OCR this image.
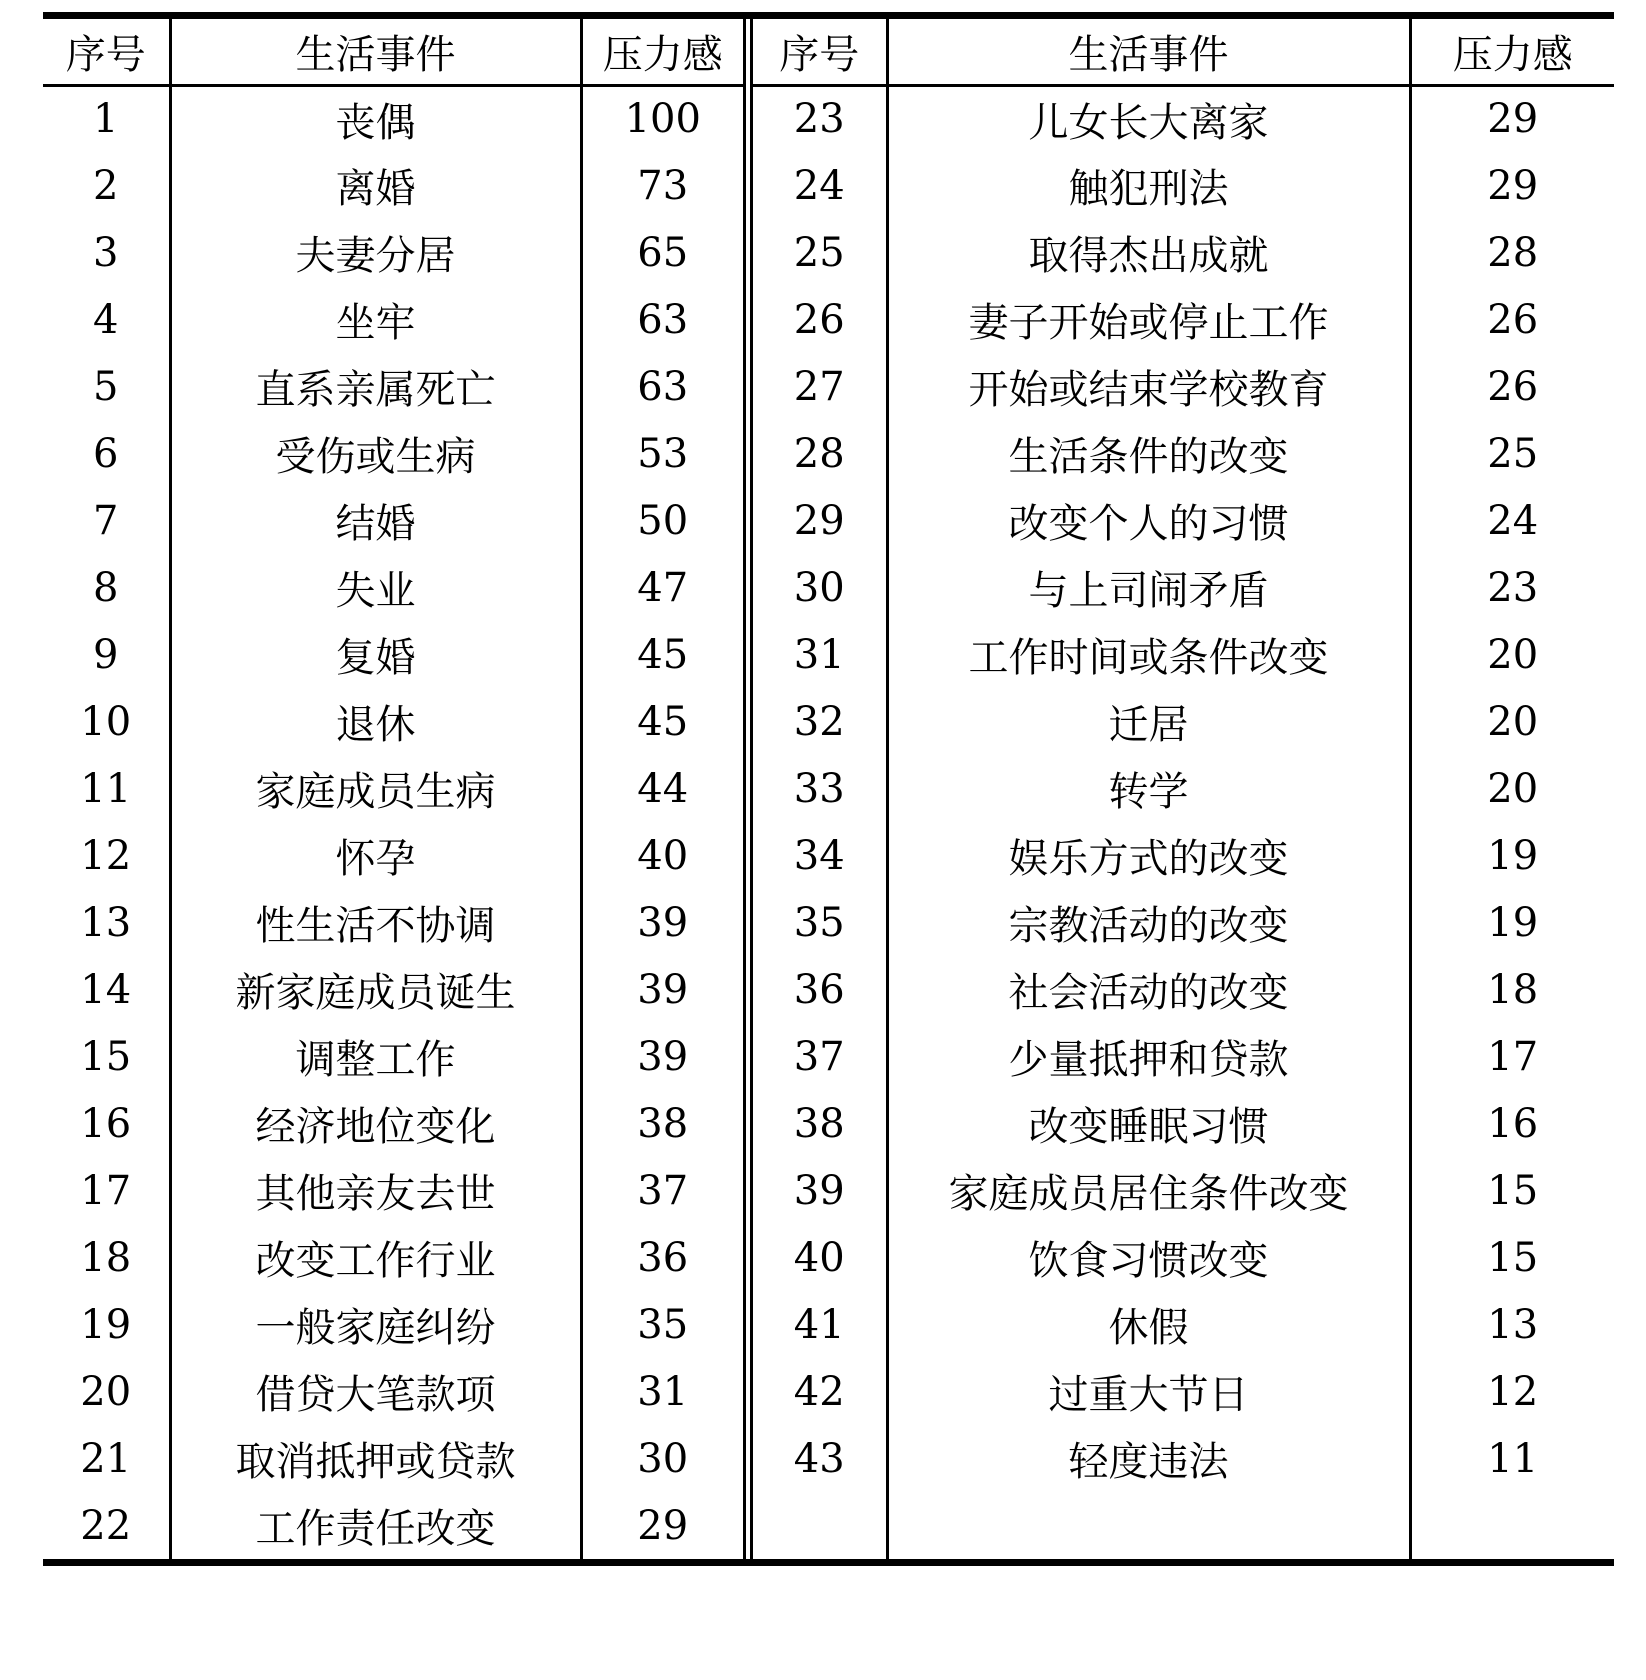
序号	生活事件	压力感
1	丧偶	100
2	离婚	73
3	夫妻分居	65
4	坐牢	63
5	直系亲属死亡	63
6	受伤或生病	53
7	结婚	50
8	失业	47
9	复婚	45
10	退休	45
11	家庭成员生病	44
12	怀孕	40
13	性生活不协调	39
14	新家庭成员诞生	39
15	调整工作	39
16	经济地位变化	38
17	其他亲友去世	37
18	改变工作行业	36
19	一般家庭纠纷	35
20	借贷大笔款项	31
21	取消抵押或贷款	30
22	工作责任改变	29
序号	生活事件	压力感
23	儿女长大离家	29
24	触犯刑法	29
25	取得杰出成就	28
26	妻子开始或停止工作	26
27	开始或结束学校教育	26
28	生活条件的改变	25
29	改变个人的习惯	24
30	与上司闹矛盾	23
31	工作时间或条件改变	20
32	迁居	20
33	转学	20
34	娱乐方式的改变	19
35	宗教活动的改变	19
36	社会活动的改变	18
37	少量抵押和贷款	17
38	改变睡眠习惯	16
39	家庭成员居住条件改变	15
40	饮食习惯改变	15
41	休假	13
42	过重大节日	12
43	轻度违法	11
